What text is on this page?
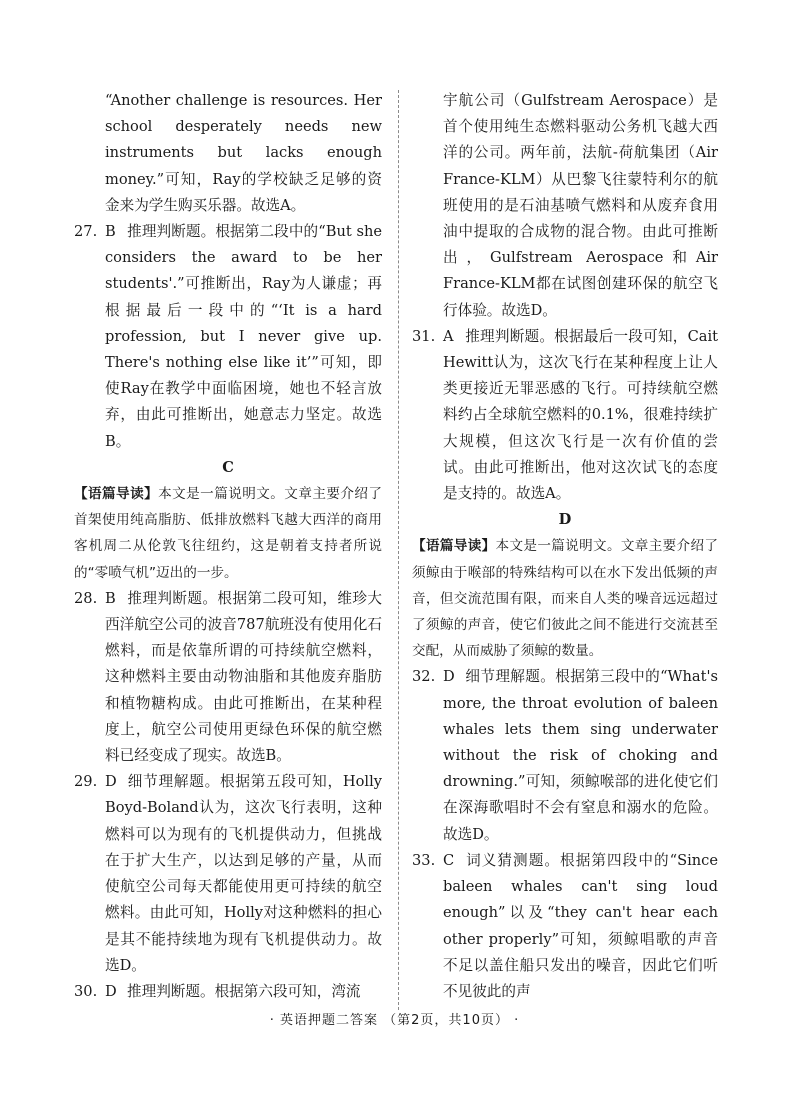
“Another challenge is resources. Her school desperately needs new instruments but lacks enough money.”可知，Ray的学校缺乏足够的资金来为学生购买乐器。故选A。

27. B 推理判断题。根据第二段中的“But she considers the award to be her students'.”可推断出，Ray为人谦虚；再根据最后一段中的“‘It is a hard profession, but I never give up. There's nothing else like it’”可知，即使Ray在教学中面临困境，她也不轻言放弃，由此可推断出，她意志力坚定。故选B。

C

【语篇导读】本文是一篇说明文。文章主要介绍了首架使用纯高脂肪、低排放燃料飞越大西洋的商用客机周二从伦敦飞往纽约，这是朝着支持者所说的“零喷气机”迈出的一步。

28. B 推理判断题。根据第二段可知，维珍大西洋航空公司的波音787航班没有使用化石燃料，而是依靠所谓的可持续航空燃料，这种燃料主要由动物油脂和其他废弃脂肪和植物糖构成。由此可推断出，在某种程度上，航空公司使用更绿色环保的航空燃料已经变成了现实。故选B。

29. D 细节理解题。根据第五段可知，Holly Boyd-Boland认为，这次飞行表明，这种燃料可以为现有的飞机提供动力，但挑战在于扩大生产，以达到足够的产量，从而使航空公司每天都能使用更可持续的航空燃料。由此可知，Holly对这种燃料的担心是其不能持续地为现有飞机提供动力。故选D。

30. D 推理判断题。根据第六段可知，湾流

宇航公司（Gulfstream Aerospace）是首个使用纯生态燃料驱动公务机飞越大西洋的公司。两年前，法航-荷航集团（Air France-KLM）从巴黎飞往蒙特利尔的航班使用的是石油基喷气燃料和从废弃食用油中提取的合成物的混合物。由此可推断出，Gulfstream Aerospace和Air France-KLM都在试图创建环保的航空飞行体验。故选D。

31. A 推理判断题。根据最后一段可知，Cait Hewitt认为，这次飞行在某种程度上让人类更接近无罪恶感的飞行。可持续航空燃料约占全球航空燃料的0.1%，很难持续扩大规模，但这次飞行是一次有价值的尝试。由此可推断出，他对这次试飞的态度是支持的。故选A。

D

【语篇导读】本文是一篇说明文。文章主要介绍了须鲸由于喉部的特殊结构可以在水下发出低频的声音，但交流范围有限，而来自人类的噪音远远超过了须鲸的声音，使它们彼此之间不能进行交流甚至交配，从而威胁了须鲸的数量。

32. D 细节理解题。根据第三段中的“What's more, the throat evolution of baleen whales lets them sing underwater without the risk of choking and drowning.”可知，须鲸喉部的进化使它们在深海歌唱时不会有窒息和溺水的危险。故选D。

33. C 词义猜测题。根据第四段中的“Since baleen whales can't sing loud enough”以及“they can't hear each other properly”可知，须鲸唱歌的声音不足以盖住船只发出的噪音，因此它们听不见彼此的声

· 英语押题二答案 （第2页，共10页） ·
